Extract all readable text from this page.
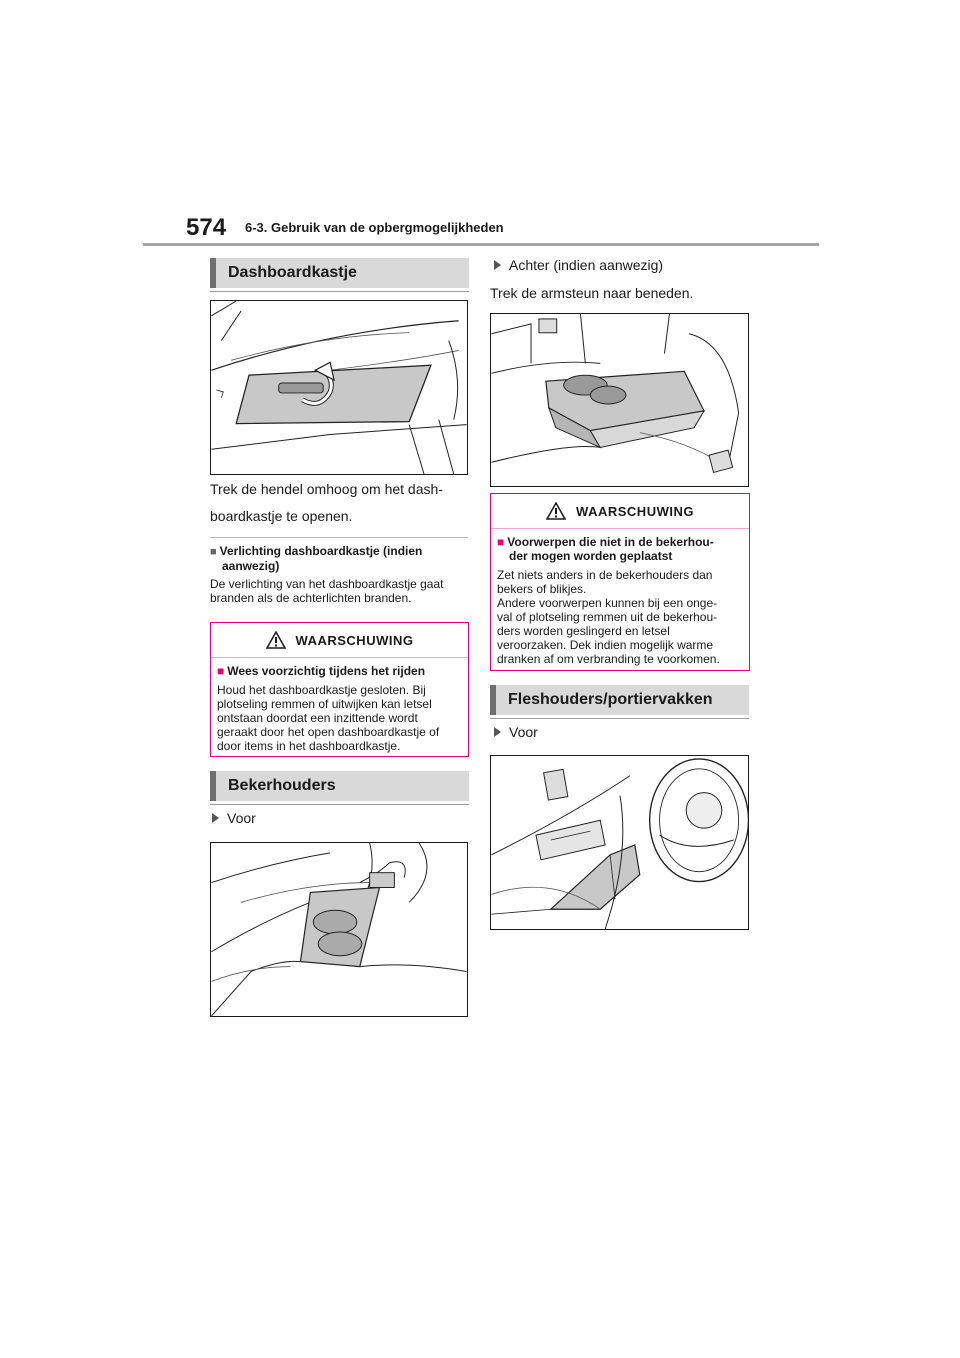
574 6-3. Gebruik van de opbergmogelijkheden
Dashboardkastje
Trek de hendel omhoog om het dash-
boardkastje te openen.
■ Verlichting dashboardkastje (indien
aanwezig)
De verlichting van het dashboardkastje gaat
branden als de achterlichten branden.
WAARSCHUWING
■ Wees voorzichtig tijdens het rijden
Houd het dashboardkastje gesloten. Bij
plotseling remmen of uitwijken kan letsel
ontstaan doordat een inzittende wordt
geraakt door het open dashboardkastje of
door items in het dashboardkastje.
Bekerhouders
Voor
Achter (indien aanwezig)
Trek de armsteun naar beneden.
WAARSCHUWING
■ Voorwerpen die niet in de bekerhou-
der mogen worden geplaatst
Zet niets anders in de bekerhouders dan
bekers of blikjes.
Andere voorwerpen kunnen bij een onge-
val of plotseling remmen uit de bekerhou-
ders worden geslingerd en letsel
veroorzaken. Dek indien mogelijk warme
dranken af om verbranding te voorkomen.
Fleshouders/portiervakken
Voor
